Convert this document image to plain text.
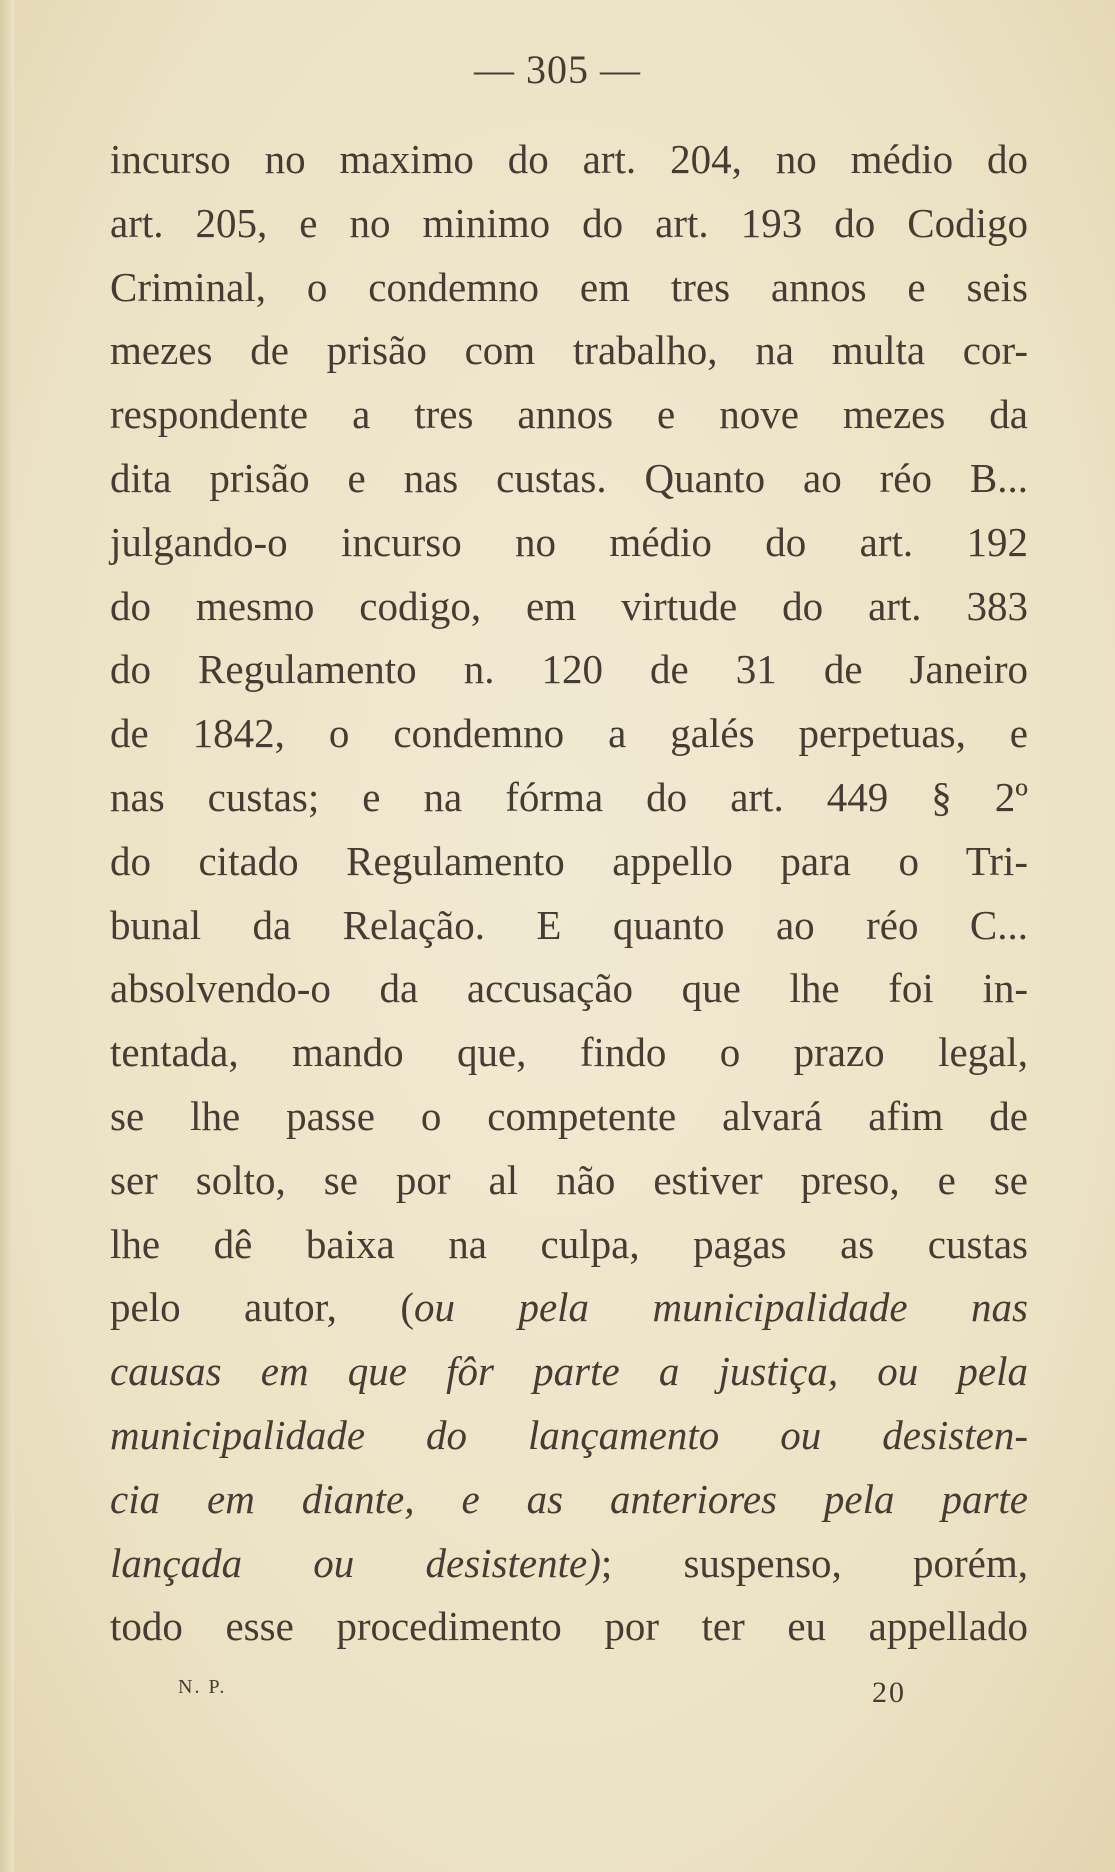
— 305 —
incurso no maximo do art. 204, no médio do
art. 205, e no minimo do art. 193 do Codigo
Criminal, o condemno em tres annos e seis
mezes de prisão com trabalho, na multa cor-
respondente a tres annos e nove mezes da
dita prisão e nas custas. Quanto ao réo B...
julgando-o incurso no médio do art. 192
do mesmo codigo, em virtude do art. 383
do Regulamento n. 120 de 31 de Janeiro
de 1842, o condemno a galés perpetuas, e
nas custas; e na fórma do art. 449 § 2º
do citado Regulamento appello para o Tri-
bunal da Relação. E quanto ao réo C...
absolvendo-o da accusação que lhe foi in-
tentada, mando que, findo o prazo legal,
se lhe passe o competente alvará afim de
ser solto, se por al não estiver preso, e se
lhe dê baixa na culpa, pagas as custas
pelo autor, (ou pela municipalidade nas
causas em que fôr parte a justiça, ou pela
municipalidade do lançamento ou desisten-
cia em diante, e as anteriores pela parte
lançada ou desistente); suspenso, porém,
todo esse procedimento por ter eu appellado
N. P.	20
